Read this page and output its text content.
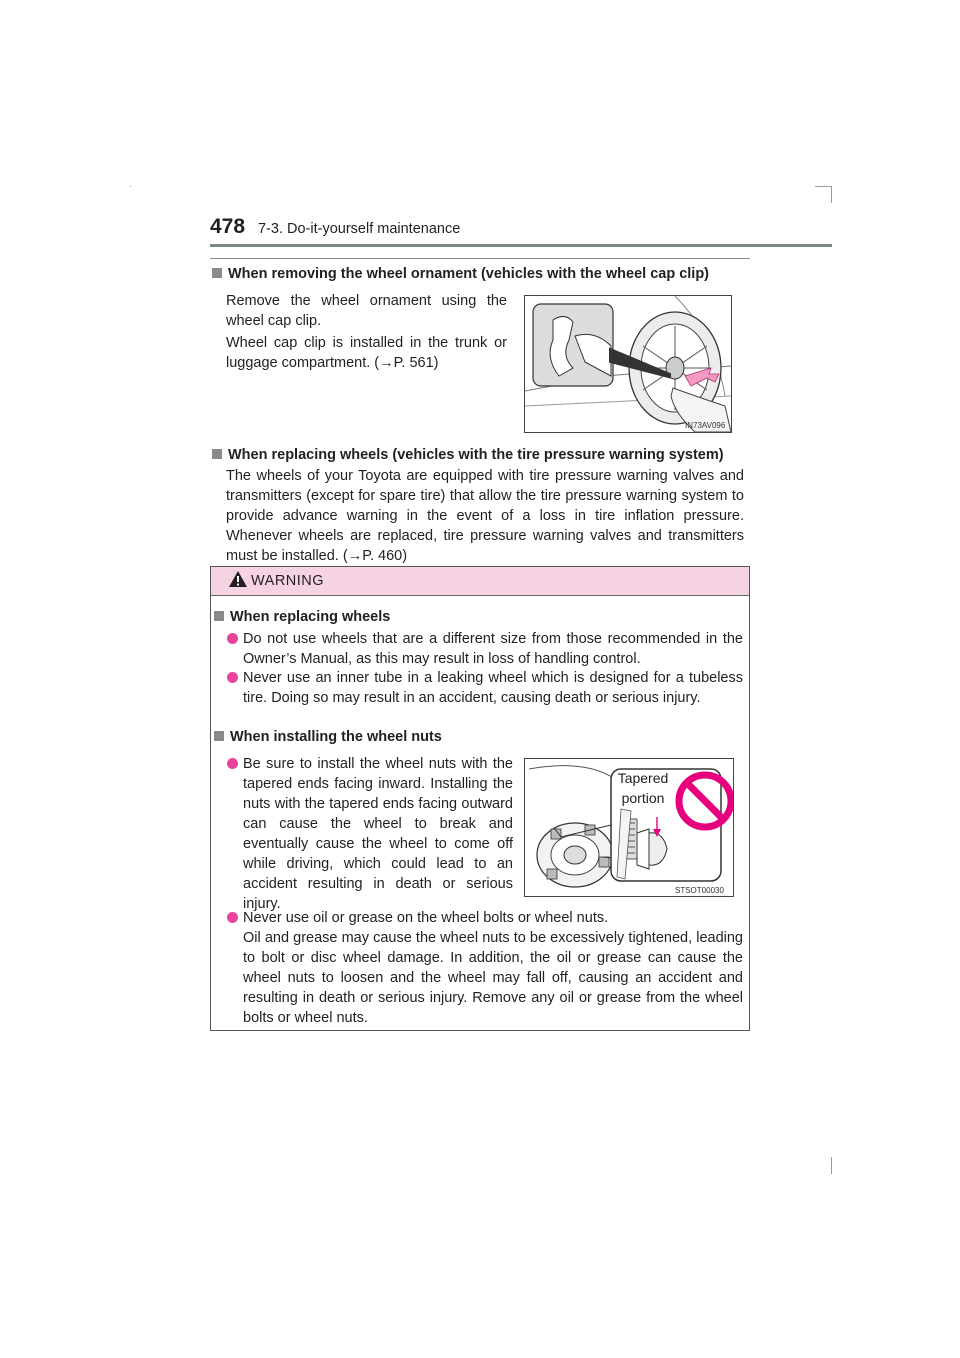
478 7-3. Do-it-yourself maintenance
When removing the wheel ornament (vehicles with the wheel cap clip)
Remove the wheel ornament using the wheel cap clip.
Wheel cap clip is installed in the trunk or luggage compartment. (→P. 561)
IN73AV096
When replacing wheels (vehicles with the tire pressure warning system)
The wheels of your Toyota are equipped with tire pressure warning valves and transmitters (except for spare tire) that allow the tire pressure warning system to provide advance warning in the event of a loss in tire inflation pressure. Whenever wheels are replaced, tire pressure warning valves and transmitters must be installed. (→P. 460)
WARNING
When replacing wheels
Do not use wheels that are a different size from those recommended in the Owner’s Manual, as this may result in loss of handling control.
Never use an inner tube in a leaking wheel which is designed for a tubeless tire. Doing so may result in an accident, causing death or serious injury.
When installing the wheel nuts
Be sure to install the wheel nuts with the tapered ends facing inward. Installing the nuts with the tapered ends facing outward can cause the wheel to break and eventually cause the wheel to come off while driving, which could lead to an accident resulting in death or serious injury.
Tapered portion
STSOT00030
Never use oil or grease on the wheel bolts or wheel nuts.
Oil and grease may cause the wheel nuts to be excessively tightened, leading to bolt or disc wheel damage. In addition, the oil or grease can cause the wheel nuts to loosen and the wheel may fall off, causing an accident and resulting in death or serious injury. Remove any oil or grease from the wheel bolts or wheel nuts.
